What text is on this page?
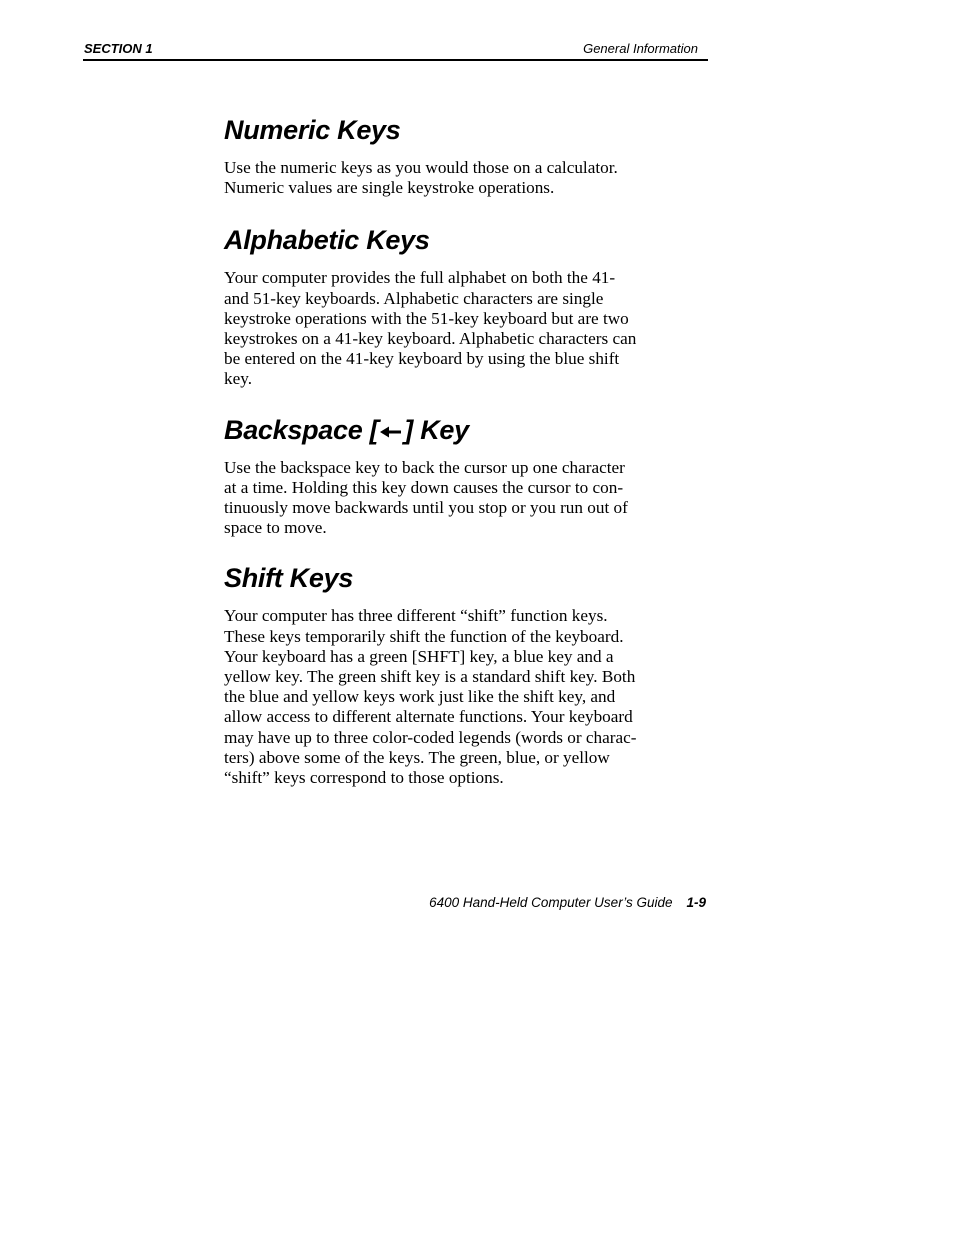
SECTION 1	General Information
Numeric Keys

Use the numeric keys as you would those on a calculator.
Numeric values are single keystroke operations.

Alphabetic Keys

Your computer provides the full alphabet on both the 41-
and 51-key keyboards. Alphabetic characters are single
keystroke operations with the 51-key keyboard but are two
keystrokes on a 41-key keyboard. Alphabetic characters can
be entered on the 41-key keyboard by using the blue shift
key.

Backspace [ ] Key

Use the backspace key to back the cursor up one character
at a time. Holding this key down causes the cursor to con-
tinuously move backwards until you stop or you run out of
space to move.

Shift Keys

Your computer has three different “shift” function keys.
These keys temporarily shift the function of the keyboard.
Your keyboard has a green [SHFT] key, a blue key and a
yellow key. The green shift key is a standard shift key. Both
the blue and yellow keys work just like the shift key, and
allow access to different alternate functions. Your keyboard
may have up to three color-coded legends (words or charac-
ters) above some of the keys. The green, blue, or yellow
“shift” keys correspond to those options.

6400 Hand-Held Computer User’s Guide 1-9
